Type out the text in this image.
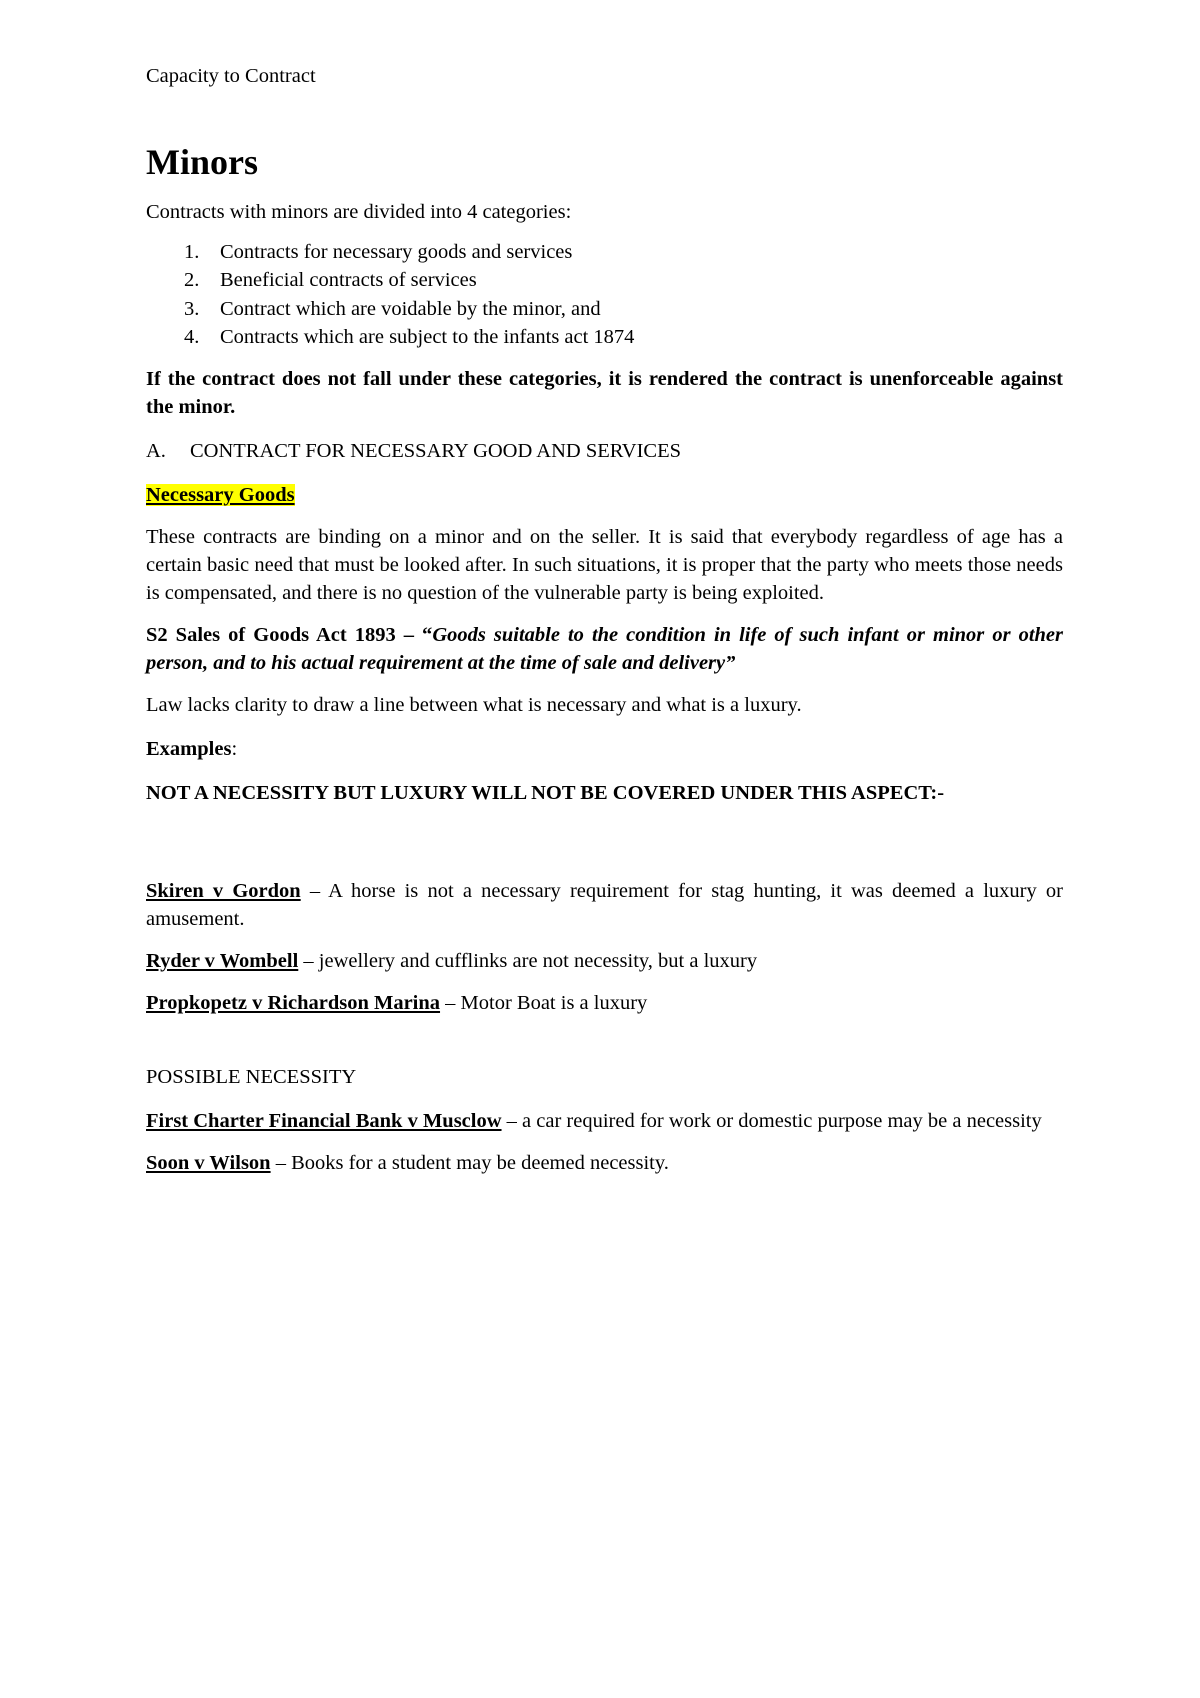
Capacity to Contract

Minors

Contracts with minors are divided into 4 categories:

1. Contracts for necessary goods and services
2. Beneficial contracts of services
3. Contract which are voidable by the minor, and
4. Contracts which are subject to the infants act 1874

If the contract does not fall under these categories, it is rendered the contract is unenforceable against the minor.

A. CONTRACT FOR NECESSARY GOOD AND SERVICES

Necessary Goods

These contracts are binding on a minor and on the seller. It is said that everybody regardless of age has a certain basic need that must be looked after. In such situations, it is proper that the party who meets those needs is compensated, and there is no question of the vulnerable party is being exploited.

S2 Sales of Goods Act 1893 – “Goods suitable to the condition in life of such infant or minor or other person, and to his actual requirement at the time of sale and delivery”

Law lacks clarity to draw a line between what is necessary and what is a luxury.

Examples:

NOT A NECESSITY BUT LUXURY WILL NOT BE COVERED UNDER THIS ASPECT:-

Skiren v Gordon – A horse is not a necessary requirement for stag hunting, it was deemed a luxury or amusement.

Ryder v Wombell – jewellery and cufflinks are not necessity, but a luxury

Propkopetz v Richardson Marina – Motor Boat is a luxury

POSSIBLE NECESSITY

First Charter Financial Bank v Musclow – a car required for work or domestic purpose may be a necessity

Soon v Wilson – Books for a student may be deemed necessity.
